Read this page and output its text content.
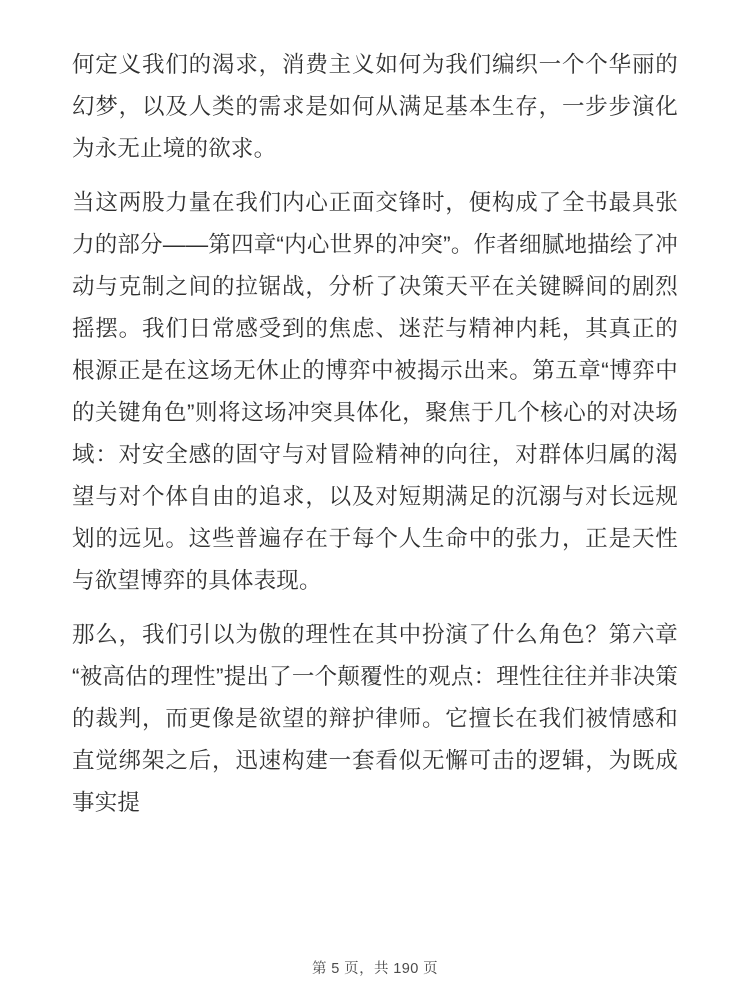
何定义我们的渴求，消费主义如何为我们编织一个个华丽的幻梦，以及人类的需求是如何从满足基本生存，一步步演化为永无止境的欲求。

当这两股力量在我们内心正面交锋时，便构成了全书最具张力的部分——第四章“内心世界的冲突”。作者细腻地描绘了冲动与克制之间的拉锯战，分析了决策天平在关键瞬间的剧烈摇摆。我们日常感受到的焦虑、迷茫与精神内耗，其真正的根源正是在这场无休止的博弈中被揭示出来。第五章“博弈中的关键角色”则将这场冲突具体化，聚焦于几个核心的对决场域：对安全感的固守与对冒险精神的向往，对群体归属的渴望与对个体自由的追求，以及对短期满足的沉溺与对长远规划的远见。这些普遍存在于每个人生命中的张力，正是天性与欲望博弈的具体表现。

那么，我们引以为傲的理性在其中扮演了什么角色？第六章“被高估的理性”提出了一个颠覆性的观点：理性往往并非决策的裁判，而更像是欲望的辩护律师。它擅长在我们被情感和直觉绑架之后，迅速构建一套看似无懈可击的逻辑，为既成事实提

第 5 页，共 190 页
